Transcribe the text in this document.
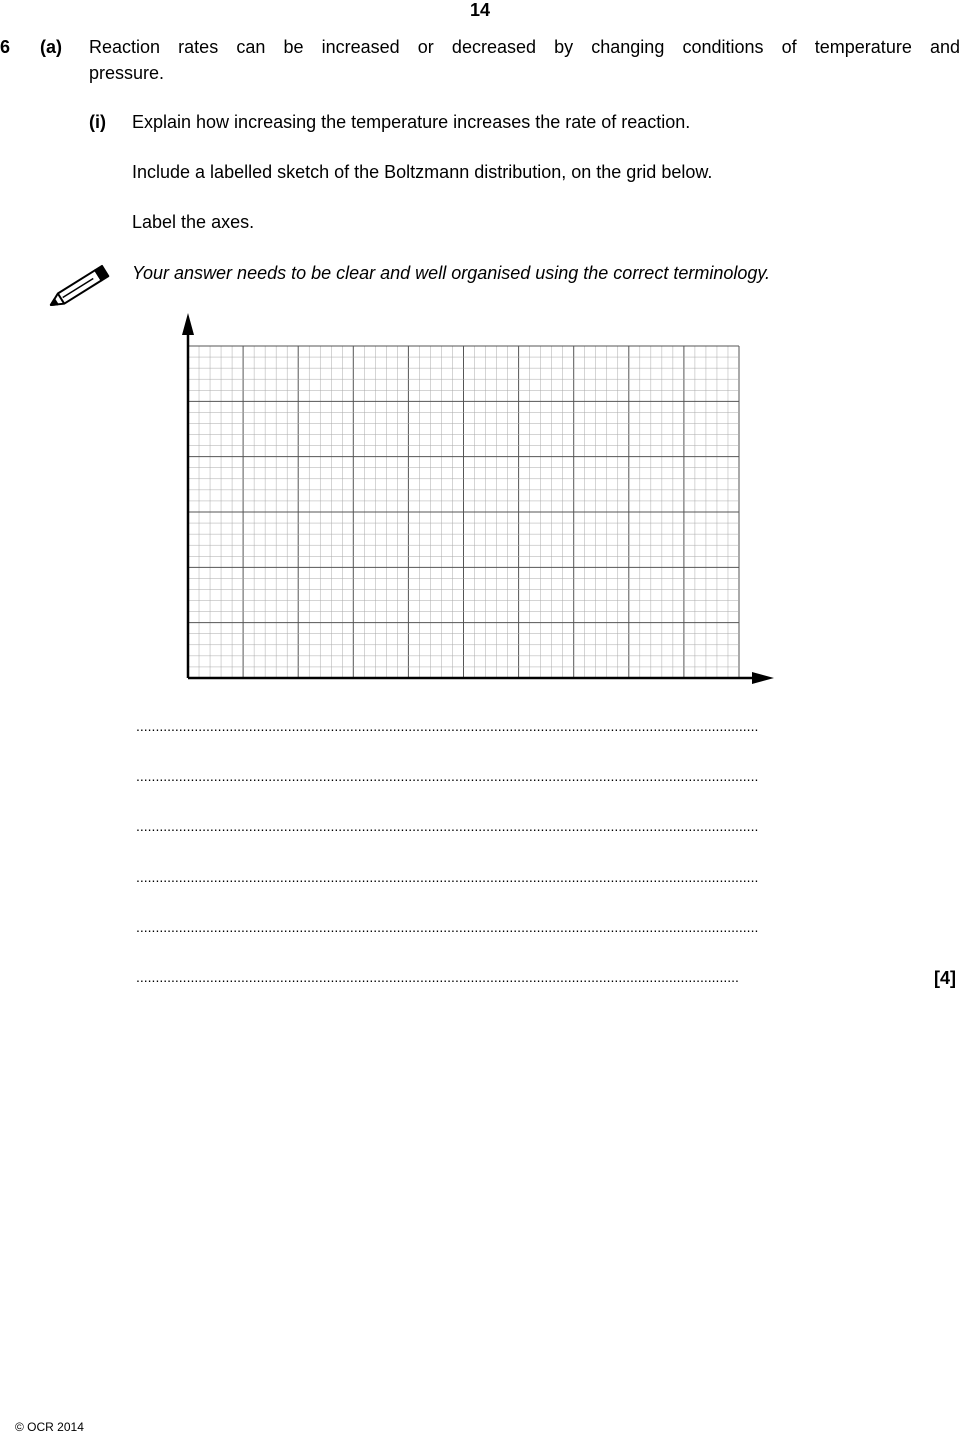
14
6 (a) Reaction rates can be increased or decreased by changing conditions of temperature and
pressure.
(i) Explain how increasing the temperature increases the rate of reaction.
Include a labelled sketch of the Boltzmann distribution, on the grid below.
Label the axes.
Your answer needs to be clear and well organised using the correct terminology.
................................................................................................................................................................
................................................................................................................................................................
................................................................................................................................................................
................................................................................................................................................................
................................................................................................................................................................
...........................................................................................................................................................	[4]
© OCR 2014
